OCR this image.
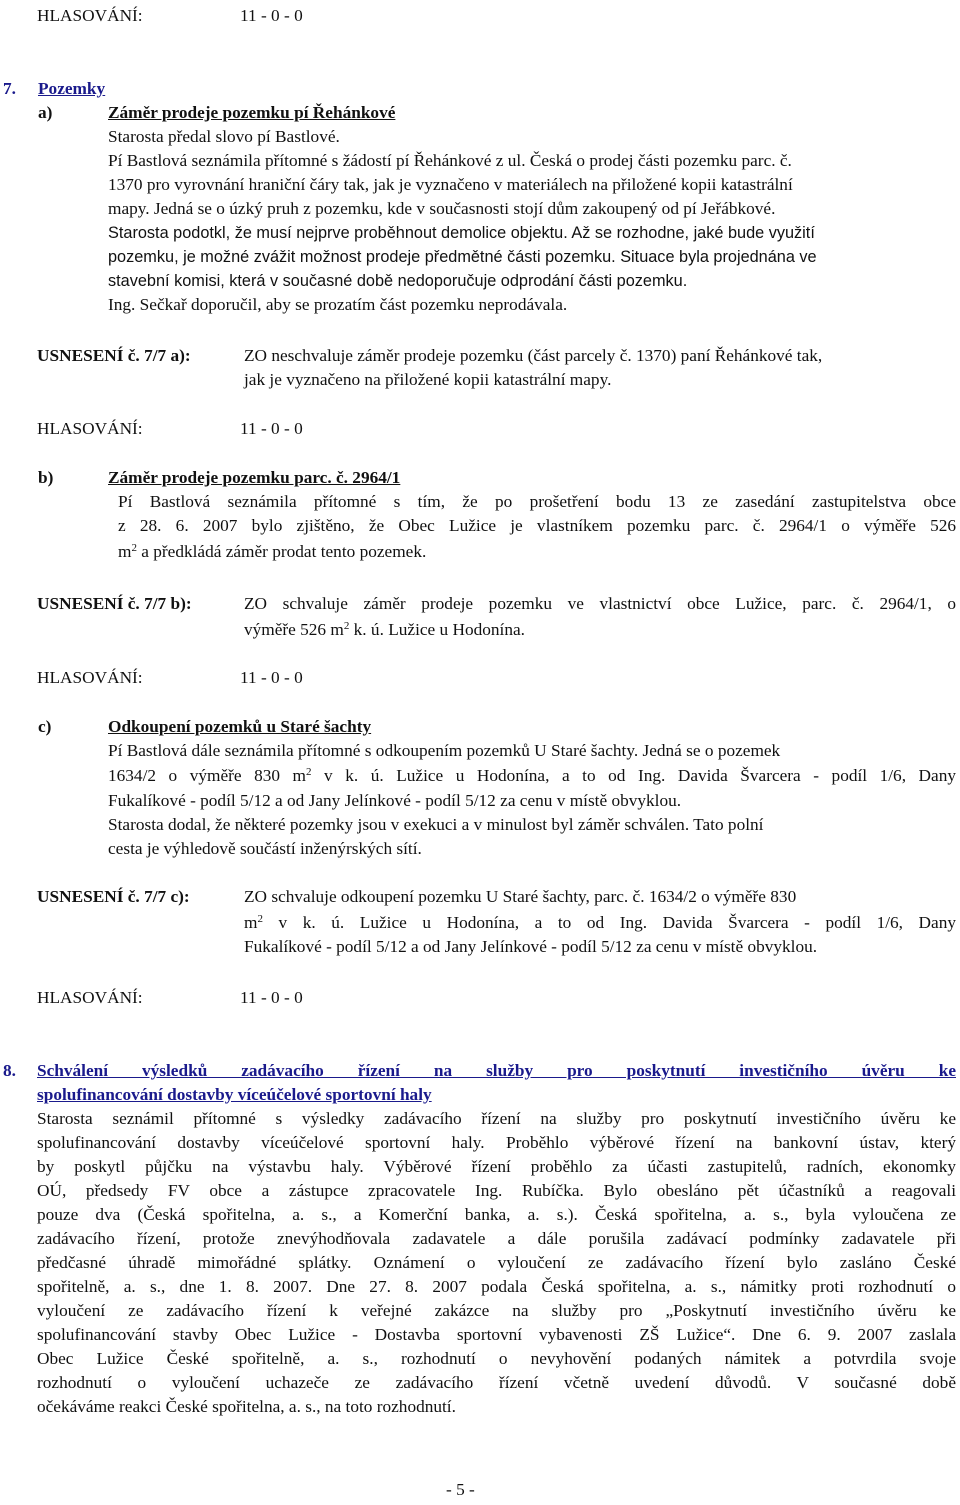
HLASOVÁNÍ:	11 - 0 - 0
7. Pozemky
a)	Záměr prodeje pozemku pí Řehánkové
Starosta předal slovo pí Bastlové.
Pí Bastlová seznámila přítomné s žádostí pí Řehánkové z ul. Česká o prodej části pozemku parc. č.
1370 pro vyrovnání hraniční čáry tak, jak je vyznačeno v materiálech na přiložené kopii katastrální
mapy. Jedná se o úzký pruh z pozemku, kde v současnosti stojí dům zakoupený od pí Jeřábkové.
Starosta podotkl, že musí nejprve proběhnout demolice objektu. Až se rozhodne, jaké bude využití
pozemku, je možné zvážit možnost prodeje předmětné části pozemku. Situace byla projednána ve
stavební komisi, která v současné době nedoporučuje odprodání části pozemku.
Ing. Sečkař doporučil, aby se prozatím část pozemku neprodávala.
USNESENÍ č. 7/7 a):	ZO neschvaluje záměr prodeje pozemku (část parcely č. 1370) paní Řehánkové tak,
jak je vyznačeno na přiložené kopii katastrální mapy.
HLASOVÁNÍ:	11 - 0 - 0
b)	Záměr prodeje pozemku parc. č. 2964/1
Pí Bastlová seznámila přítomné s tím, že po prošetření bodu 13 ze zasedání zastupitelstva obce
z 28. 6. 2007 bylo zjištěno, že Obec Lužice je vlastníkem pozemku parc. č. 2964/1 o výměře 526
$m^2$ a předkládá záměr prodat tento pozemek.
USNESENÍ č. 7/7 b):	ZO schvaluje záměr prodeje pozemku ve vlastnictví obce Lužice, parc. č. 2964/1, o
výměře 526 $m^2$ k. ú. Lužice u Hodonína.
HLASOVÁNÍ:	11 - 0 - 0
c)	Odkoupení pozemků u Staré šachty
Pí Bastlová dále seznámila přítomné s odkoupením pozemků U Staré šachty. Jedná se o pozemek
1634/2 o výměře 830 $m^2$ v k. ú. Lužice u Hodonína, a to od Ing. Davida Švarcera - podíl 1/6, Dany
Fukalíkové - podíl 5/12 a od Jany Jelínkové - podíl 5/12 za cenu v místě obvyklou.
Starosta dodal, že některé pozemky jsou v exekuci a v minulost byl záměr schválen. Tato polní
cesta je výhledově součástí inženýrských sítí.
USNESENÍ č. 7/7 c):	ZO schvaluje odkoupení pozemku U Staré šachty, parc. č. 1634/2 o výměře 830
$m^2$ v k. ú. Lužice u Hodonína, a to od Ing. Davida Švarcera - podíl 1/6, Dany
Fukalíkové - podíl 5/12 a od Jany Jelínkové - podíl 5/12 za cenu v místě obvyklou.
HLASOVÁNÍ:	11 - 0 - 0
8. Schválení výsledků zadávacího řízení na služby pro poskytnutí investičního úvěru ke
spolufinancování dostavby víceúčelové sportovní haly
Starosta seznámil přítomné s výsledky zadávacího řízení na služby pro poskytnutí investičního úvěru ke
spolufinancování dostavby víceúčelové sportovní haly. Proběhlo výběrové řízení na bankovní ústav, který
by poskytl půjčku na výstavbu haly. Výběrové řízení proběhlo za účasti zastupitelů, radních, ekonomky
OÚ, předsedy FV obce a zástupce zpracovatele Ing. Rubíčka. Bylo obesláno pět účastníků a reagovali
pouze dva (Česká spořitelna, a. s., a Komerční banka, a. s.). Česká spořitelna, a. s., byla vyloučena ze
zadávacího řízení, protože znevýhodňovala zadavatele a dále porušila zadávací podmínky zadavatele při
předčasné úhradě mimořádné splátky. Oznámení o vyloučení ze zadávacího řízení bylo zasláno České
spořitelně, a. s., dne 1. 8. 2007. Dne 27. 8. 2007 podala Česká spořitelna, a. s., námitky proti rozhodnutí o
vyloučení ze zadávacího řízení k veřejné zakázce na služby pro „Poskytnutí investičního úvěru ke
spolufinancování stavby Obec Lužice - Dostavba sportovní vybavenosti ZŠ Lužice“. Dne 6. 9. 2007 zaslala
Obec Lužice České spořitelně, a. s., rozhodnutí o nevyhovění podaných námitek a potvrdila svoje
rozhodnutí o vyloučení uchazeče ze zadávacího řízení včetně uvedení důvodů. V současné době
očekáváme reakci České spořitelna, a. s., na toto rozhodnutí.
- 5 -
